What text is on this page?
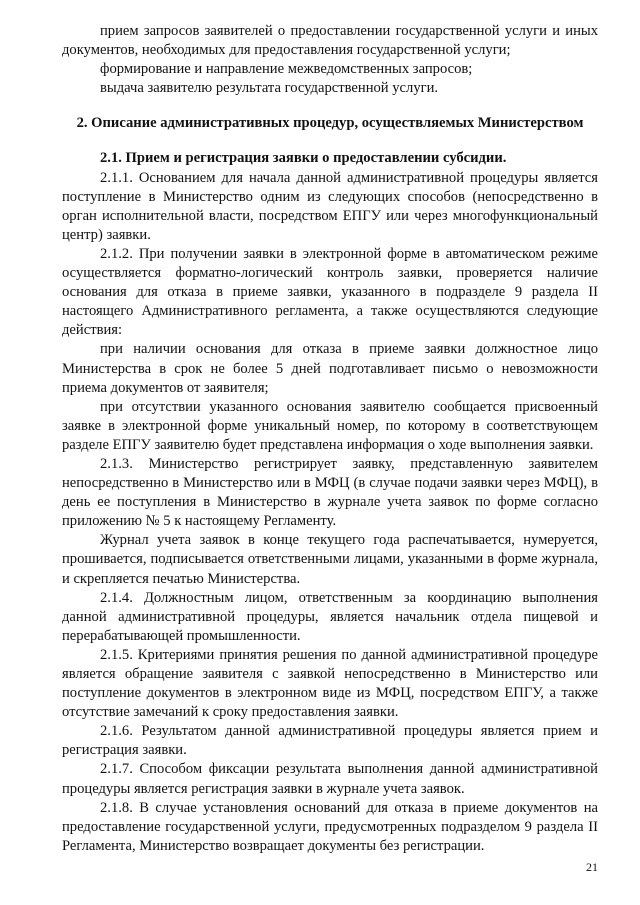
прием запросов заявителей о предоставлении государственной услуги и иных документов, необходимых для предоставления государственной услуги;

формирование и направление межведомственных запросов;

выдача заявителю результата государственной услуги.

2. Описание административных процедур, осуществляемых Министерством

2.1. Прием и регистрация заявки о предоставлении субсидии.

2.1.1. Основанием для начала данной административной процедуры является поступление в Министерство одним из следующих способов (непосредственно в орган исполнительной власти, посредством ЕПГУ или через многофункциональный центр) заявки.

2.1.2. При получении заявки в электронной форме в автоматическом режиме осуществляется форматно-логический контроль заявки, проверяется наличие основания для отказа в приеме заявки, указанного в подразделе 9 раздела II настоящего Административного регламента, а также осуществляются следующие действия:

при наличии основания для отказа в приеме заявки должностное лицо Министерства в срок не более 5 дней подготавливает письмо о невозможности приема документов от заявителя;

при отсутствии указанного основания заявителю сообщается присвоенный заявке в электронной форме уникальный номер, по которому в соответствующем разделе ЕПГУ заявителю будет представлена информация о ходе выполнения заявки.

2.1.3. Министерство регистрирует заявку, представленную заявителем непосредственно в Министерство или в МФЦ (в случае подачи заявки через МФЦ), в день ее поступления в Министерство в журнале учета заявок по форме согласно приложению № 5 к настоящему Регламенту.

Журнал учета заявок в конце текущего года распечатывается, нумеруется, прошивается, подписывается ответственными лицами, указанными в форме журнала, и скрепляется печатью Министерства.

2.1.4. Должностным лицом, ответственным за координацию выполнения данной административной процедуры, является начальник отдела пищевой и перерабатывающей промышленности.

2.1.5. Критериями принятия решения по данной административной процедуре является обращение заявителя с заявкой непосредственно в Министерство или поступление документов в электронном виде из МФЦ, посредством ЕПГУ, а также отсутствие замечаний к сроку предоставления заявки.

2.1.6. Результатом данной административной процедуры является прием и регистрация заявки.

2.1.7. Способом фиксации результата выполнения данной административной процедуры является регистрация заявки в журнале учета заявок.

2.1.8. В случае установления оснований для отказа в приеме документов на предоставление государственной услуги, предусмотренных подразделом 9 раздела II Регламента, Министерство возвращает документы без регистрации.

21
